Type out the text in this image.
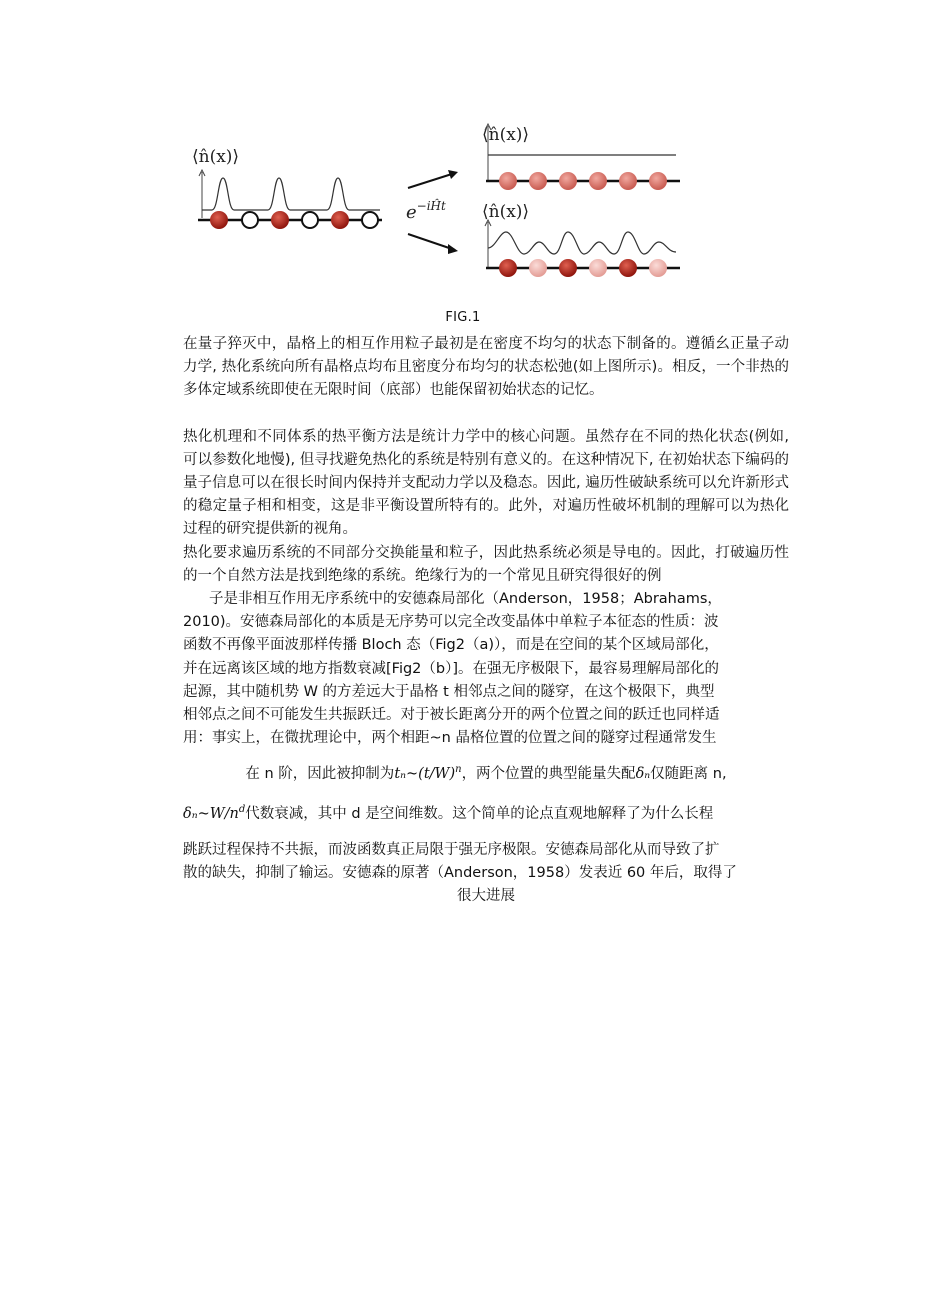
⟨n̂(x)⟩
$e^{-iĤt}$
⟨n̂(x)⟩
⟨n̂(x)⟩
FIG.1

在量子猝灭中，晶格上的相互作用粒子最初是在密度不均匀的状态下制备的。遵循幺正量子动力学, 热化系统向所有晶格点均布且密度分布均匀的状态松弛(如上图所示)。相反，一个非热的多体定域系统即使在无限时间（底部）也能保留初始状态的记忆。

热化机理和不同体系的热平衡方法是统计力学中的核心问题。虽然存在不同的热化状态(例如, 可以参数化地慢), 但寻找避免热化的系统是特别有意义的。在这种情况下, 在初始状态下编码的量子信息可以在很长时间内保持并支配动力学以及稳态。因此, 遍历性破缺系统可以允许新形式的稳定量子相和相变，这是非平衡设置所特有的。此外，对遍历性破坏机制的理解可以为热化过程的研究提供新的视角。

热化要求遍历系统的不同部分交换能量和粒子，因此热系统必须是导电的。因此，打破遍历性的一个自然方法是找到绝缘的系统。绝缘行为的一个常见且研究得很好的例

子是非相互作用无序系统中的安德森局部化（Anderson，1958；Abrahams，

2010)。安德森局部化的本质是无序势可以完全改变晶体中单粒子本征态的性质：波

函数不再像平面波那样传播 Bloch 态（Fig2（a)），而是在空间的某个区域局部化，

并在远离该区域的地方指数衰减[Fig2（b）]。在强无序极限下，最容易理解局部化的

起源，其中随机势 W 的方差远大于晶格 t 相邻点之间的隧穿，在这个极限下，典型

相邻点之间不可能发生共振跃迁。对于被长距离分开的两个位置之间的跃迁也同样适

用：事实上，在微扰理论中，两个相距~n 晶格位置的位置之间的隧穿过程通常发生

在 n 阶，因此被抑制为$t_n\sim(t/W)^n$，两个位置的典型能量失配δₙ仅随距离 n,

$\delta_n\sim W/n^d$代数衰减，其中 d 是空间维数。这个简单的论点直观地解释了为什么长程

跳跃过程保持不共振，而波函数真正局限于强无序极限。安德森局部化从而导致了扩

散的缺失，抑制了输运。安德森的原著（Anderson，1958）发表近 60 年后，取得了

很大进展
